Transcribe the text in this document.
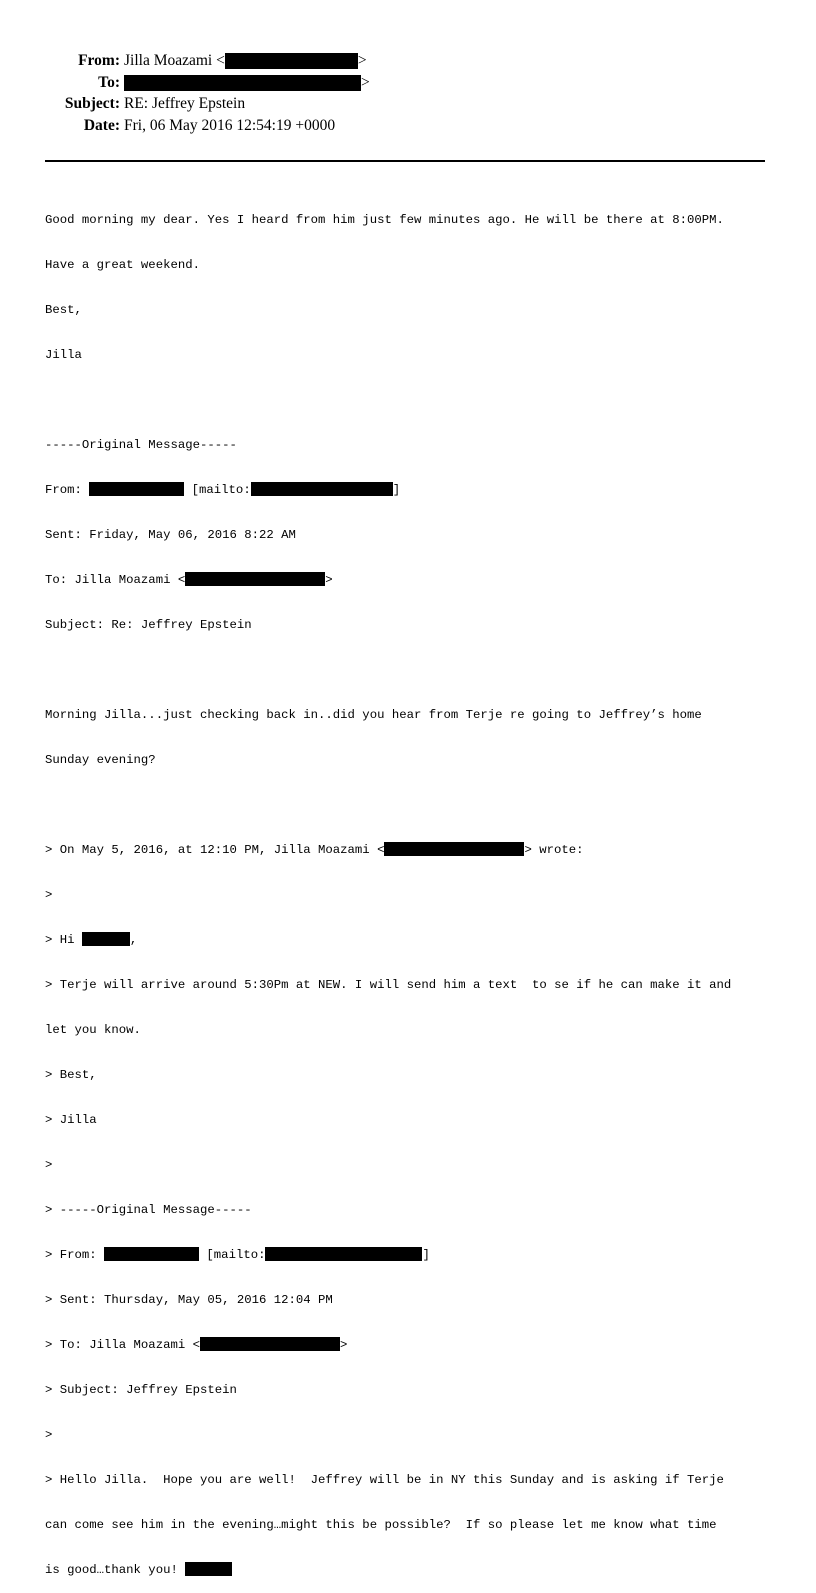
From: Jilla Moazami <	>
To:	>
Subject: RE: Jeffrey Epstein
Date: Fri, 06 May 2016 12:54:19 +0000

Good morning my dear. Yes I heard from him just few minutes ago. He will be there at 8:00PM.

Have a great weekend.

Best,

Jilla

-----Original Message-----

From:	[mailto:	]

Sent: Friday, May 06, 2016 8:22 AM

To: Jilla Moazami <	>

Subject: Re: Jeffrey Epstein

Morning Jilla...just checking back in..did you hear from Terje re going to Jeffrey’s home

Sunday evening?

> On May 5, 2016, at 12:10 PM, Jilla Moazami <	> wrote:

>

> Hi	,

> Terje will arrive around 5:30Pm at NEW. I will send him a text  to se if he can make it and

let you know.

> Best,

> Jilla

>

> -----Original Message-----

> From:	[mailto:	]

> Sent: Thursday, May 05, 2016 12:04 PM

> To: Jilla Moazami <	>

> Subject: Jeffrey Epstein

>

> Hello Jilla.  Hope you are well!  Jeffrey will be in NY this Sunday and is asking if Terje

can come see him in the evening…might this be possible?  If so please let me know what time

is good…thank you!
